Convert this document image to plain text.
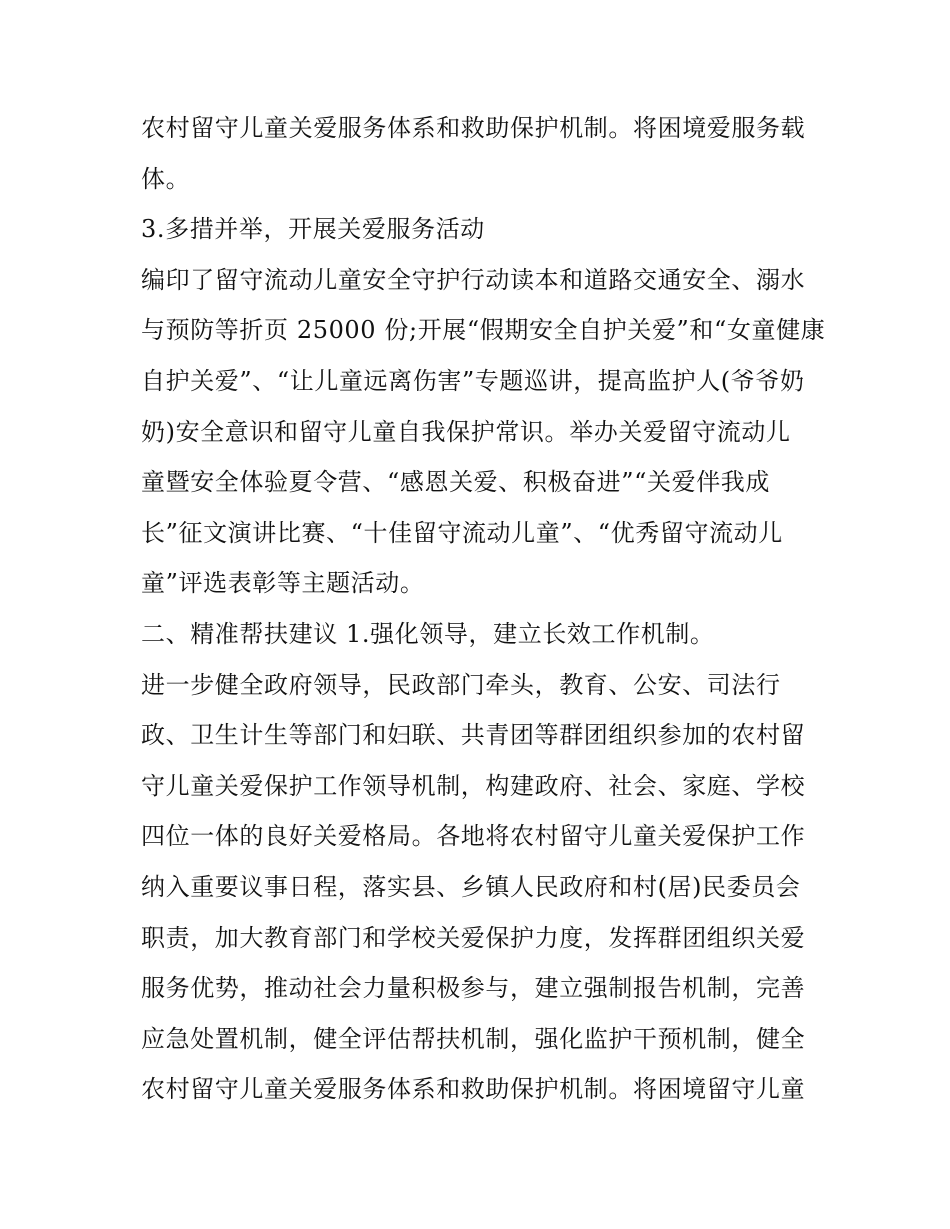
农村留守儿童关爱服务体系和救助保护机制。将困境爱服务载
体。
3.多措并举，开展关爱服务活动
编印了留守流动儿童安全守护行动读本和道路交通安全、溺水
与预防等折页 25000 份;开展“假期安全自护关爱”和“女童健康
自护关爱”、“让儿童远离伤害”专题巡讲，提高监护人(爷爷奶
奶)安全意识和留守儿童自我保护常识。举办关爱留守流动儿
童暨安全体验夏令营、“感恩关爱、积极奋进”“关爱伴我成
长”征文演讲比赛、“十佳留守流动儿童”、“优秀留守流动儿
童”评选表彰等主题活动。
二、精准帮扶建议 1.强化领导，建立长效工作机制。
进一步健全政府领导，民政部门牵头，教育、公安、司法行
政、卫生计生等部门和妇联、共青团等群团组织参加的农村留
守儿童关爱保护工作领导机制，构建政府、社会、家庭、学校
四位一体的良好关爱格局。各地将农村留守儿童关爱保护工作
纳入重要议事日程，落实县、乡镇人民政府和村(居)民委员会
职责，加大教育部门和学校关爱保护力度，发挥群团组织关爱
服务优势，推动社会力量积极参与，建立强制报告机制，完善
应急处置机制，健全评估帮扶机制，强化监护干预机制，健全
农村留守儿童关爱服务体系和救助保护机制。将困境留守儿童
